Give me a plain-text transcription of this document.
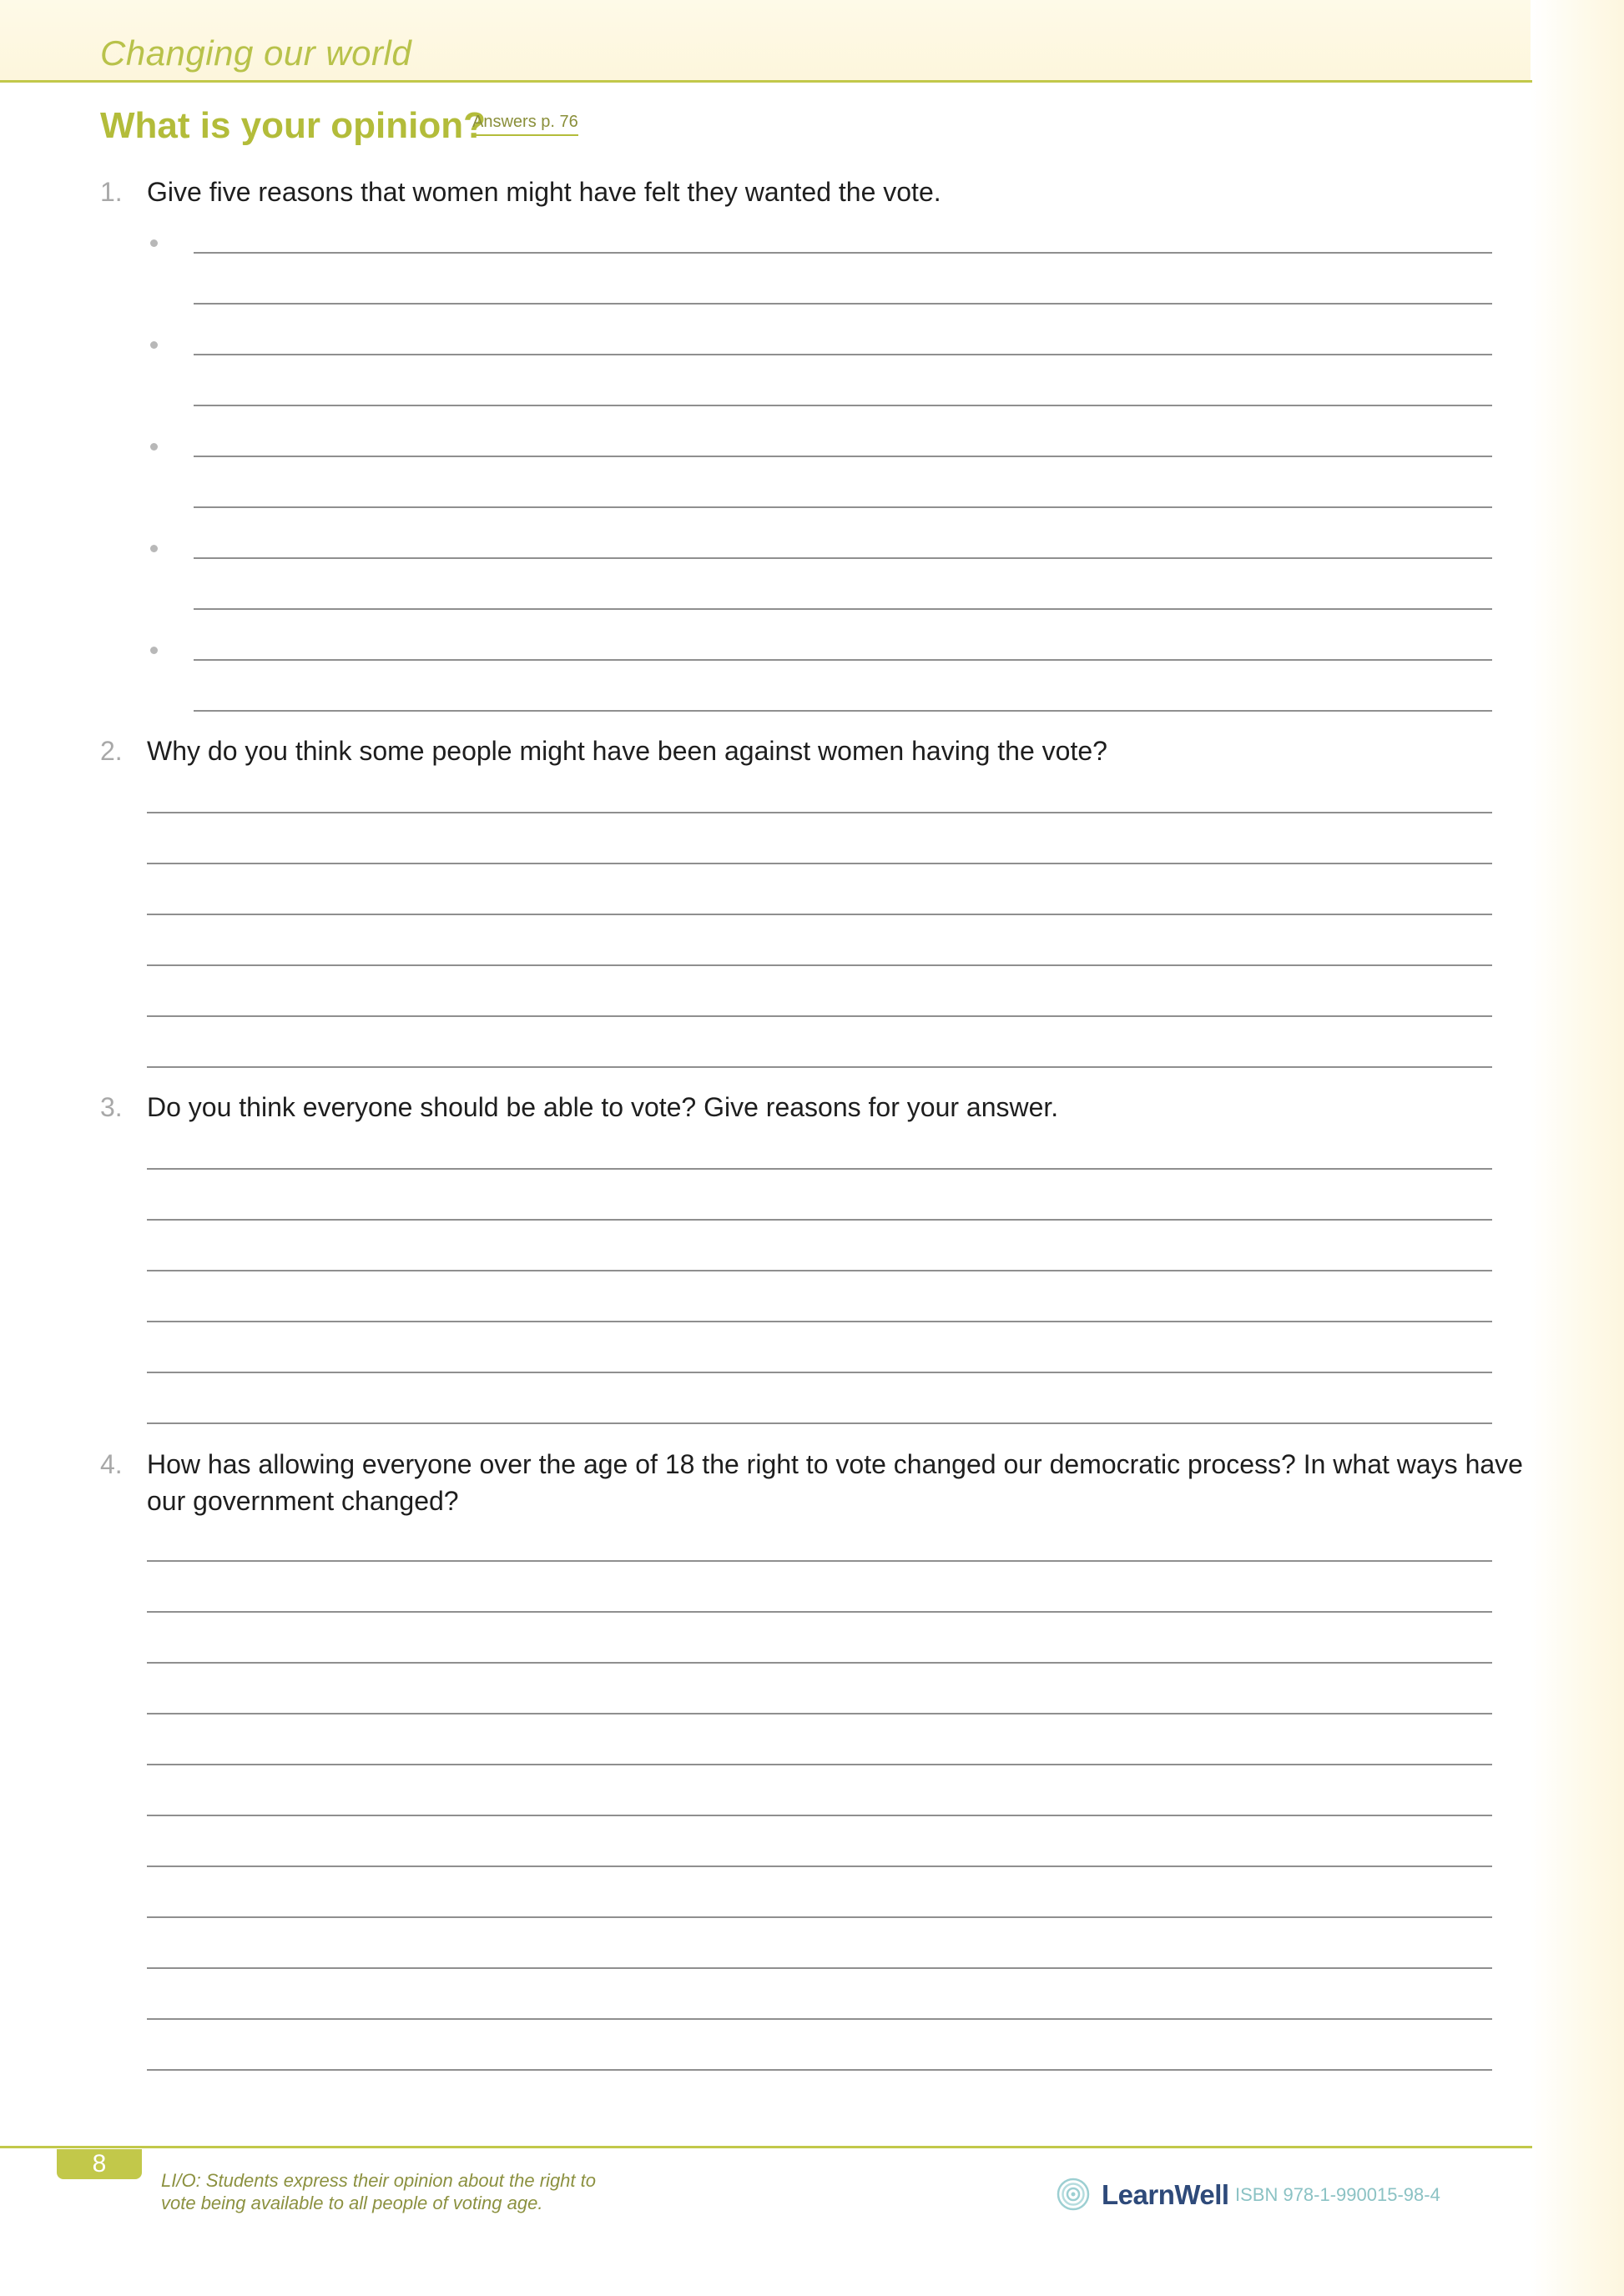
Changing our world
What is your opinion?
Answers p. 76
1. Give five reasons that women might have felt they wanted the vote.
2. Why do you think some people might have been against women having the vote?
3. Do you think everyone should be able to vote? Give reasons for your answer.
4. How has allowing everyone over the age of 18 the right to vote changed our democratic process? In what ways have our government changed?
8
LI/O: Students express their opinion about the right to
vote being available to all people of voting age.	LearnWell ISBN 978-1-990015-98-4
